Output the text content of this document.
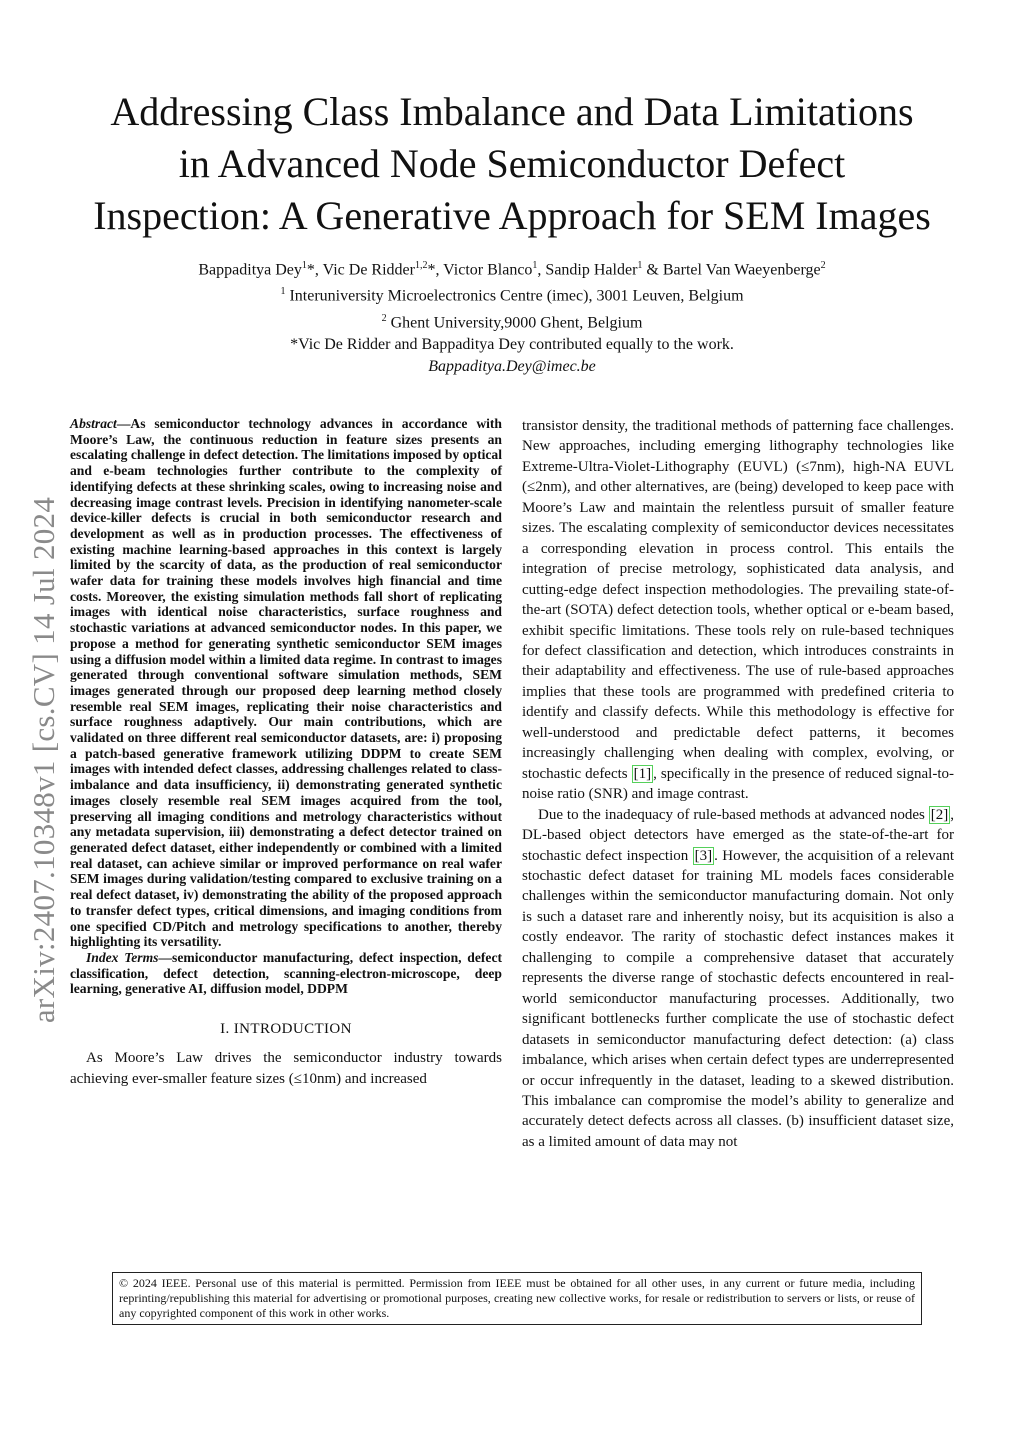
arXiv:2407.10348v1 [cs.CV] 14 Jul 2024
Addressing Class Imbalance and Data Limitations
in Advanced Node Semiconductor Defect
Inspection: A Generative Approach for SEM Images

Bappaditya Dey$^1$*, Vic De Ridder$^{1,2}$*, Victor Blanco$^1$, Sandip Halder$^1$ & Bartel Van Waeyenberge$^2$

$^1$ Interuniversity Microelectronics Centre (imec), 3001 Leuven, Belgium

$^2$ Ghent University,9000 Ghent, Belgium

*Vic De Ridder and Bappaditya Dey contributed equally to the work.

Bappaditya.Dey@imec.be

Abstract—As semiconductor technology advances in accordance with Moore’s Law, the continuous reduction in feature sizes presents an escalating challenge in defect detection. The limitations imposed by optical and e-beam technologies further contribute to the complexity of identifying defects at these shrinking scales, owing to increasing noise and decreasing image contrast levels. Precision in identifying nanometer-scale device-killer defects is crucial in both semiconductor research and development as well as in production processes. The effectiveness of existing machine learning-based approaches in this context is largely limited by the scarcity of data, as the production of real semiconductor wafer data for training these models involves high financial and time costs. Moreover, the existing simulation methods fall short of replicating images with identical noise characteristics, surface roughness and stochastic variations at advanced semiconductor nodes. In this paper, we propose a method for generating synthetic semiconductor SEM images using a diffusion model within a limited data regime. In contrast to images generated through conventional software simulation methods, SEM images generated through our proposed deep learning method closely resemble real SEM images, replicating their noise characteristics and surface roughness adaptively. Our main contributions, which are validated on three different real semiconductor datasets, are: i) proposing a patch-based generative framework utilizing DDPM to create SEM images with intended defect classes, addressing challenges related to class-imbalance and data insufficiency, ii) demonstrating generated synthetic images closely resemble real SEM images acquired from the tool, preserving all imaging conditions and metrology characteristics without any metadata supervision, iii) demonstrating a defect detector trained on generated defect dataset, either independently or combined with a limited real dataset, can achieve similar or improved performance on real wafer SEM images during validation/testing compared to exclusive training on a real defect dataset, iv) demonstrating the ability of the proposed approach to transfer defect types, critical dimensions, and imaging conditions from one specified CD/Pitch and metrology specifications to another, thereby highlighting its versatility.

Index Terms—semiconductor manufacturing, defect inspection, defect classification, defect detection, scanning-electron-microscope, deep learning, generative AI, diffusion model, DDPM

I. INTRODUCTION

As Moore’s Law drives the semiconductor industry towards achieving ever-smaller feature sizes (≤10nm) and increased

transistor density, the traditional methods of patterning face challenges. New approaches, including emerging lithography technologies like Extreme-Ultra-Violet-Lithography (EUVL) (≤7nm), high-NA EUVL (≤2nm), and other alternatives, are (being) developed to keep pace with Moore’s Law and maintain the relentless pursuit of smaller feature sizes. The escalating complexity of semiconductor devices necessitates a corresponding elevation in process control. This entails the integration of precise metrology, sophisticated data analysis, and cutting-edge defect inspection methodologies. The prevailing state-of-the-art (SOTA) defect detection tools, whether optical or e-beam based, exhibit specific limitations. These tools rely on rule-based techniques for defect classification and detection, which introduces constraints in their adaptability and effectiveness. The use of rule-based approaches implies that these tools are programmed with predefined criteria to identify and classify defects. While this methodology is effective for well-understood and predictable defect patterns, it becomes increasingly challenging when dealing with complex, evolving, or stochastic defects [1] , specifically in the presence of reduced signal-to-noise ratio (SNR) and image contrast.

Due to the inadequacy of rule-based methods at advanced nodes [2] , DL-based object detectors have emerged as the state-of-the-art for stochastic defect inspection [3] . However, the acquisition of a relevant stochastic defect dataset for training ML models faces considerable challenges within the semiconductor manufacturing domain. Not only is such a dataset rare and inherently noisy, but its acquisition is also a costly endeavor. The rarity of stochastic defect instances makes it challenging to compile a comprehensive dataset that accurately represents the diverse range of stochastic defects encountered in real-world semiconductor manufacturing processes. Additionally, two significant bottlenecks further complicate the use of stochastic defect datasets in semiconductor manufacturing defect detection: (a) class imbalance, which arises when certain defect types are underrepresented or occur infrequently in the dataset, leading to a skewed distribution. This imbalance can compromise the model’s ability to generalize and accurately detect defects across all classes. (b) insufficient dataset size, as a limited amount of data may not

© 2024 IEEE. Personal use of this material is permitted. Permission from IEEE must be obtained for all other uses, in any current or future media, including reprinting/republishing this material for advertising or promotional purposes, creating new collective works, for resale or redistribution to servers or lists, or reuse of any copyrighted component of this work in other works.
